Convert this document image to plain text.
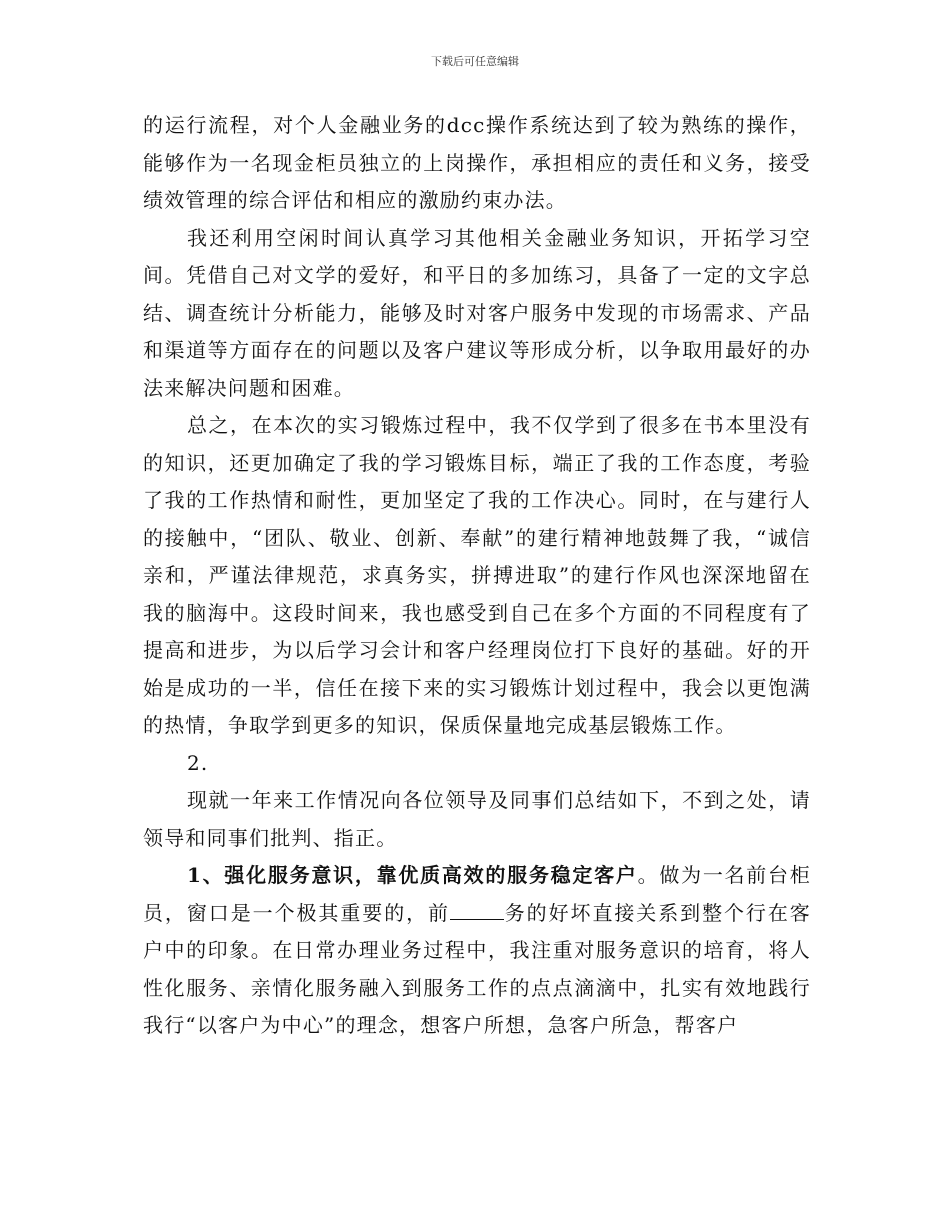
下载后可任意编辑

的运行流程，对个人金融业务的dcc操作系统达到了较为熟练的操作，能够作为一名现金柜员独立的上岗操作，承担相应的责任和义务，接受绩效管理的综合评估和相应的激励约束办法。

我还利用空闲时间认真学习其他相关金融业务知识，开拓学习空间。凭借自己对文学的爱好，和平日的多加练习，具备了一定的文字总结、调查统计分析能力，能够及时对客户服务中发现的市场需求、产品和渠道等方面存在的问题以及客户建议等形成分析，以争取用最好的办法来解决问题和困难。

总之，在本次的实习锻炼过程中，我不仅学到了很多在书本里没有的知识，还更加确定了我的学习锻炼目标，端正了我的工作态度，考验了我的工作热情和耐性，更加坚定了我的工作决心。同时，在与建行人的接触中，“团队、敬业、创新、奉献”的建行精神地鼓舞了我，“诚信亲和，严谨法律规范，求真务实，拼搏进取”的建行作风也深深地留在我的脑海中。这段时间来，我也感受到自己在多个方面的不同程度有了提高和进步，为以后学习会计和客户经理岗位打下良好的基础。好的开始是成功的一半，信任在接下来的实习锻炼计划过程中，我会以更饱满的热情，争取学到更多的知识，保质保量地完成基层锻炼工作。

2.

现就一年来工作情况向各位领导及同事们总结如下，不到之处，请领导和同事们批判、指正。

1、强化服务意识，靠优质高效的服务稳定客户。做为一名前台柜员，窗口是一个极其重要的，前	务的好坏直接关系到整个行在客户中的印象。在日常办理业务过程中，我注重对服务意识的培育，将人性化服务、亲情化服务融入到服务工作的点点滴滴中，扎实有效地践行我行“以客户为中心”的理念，想客户所想，急客户所急，帮客户
